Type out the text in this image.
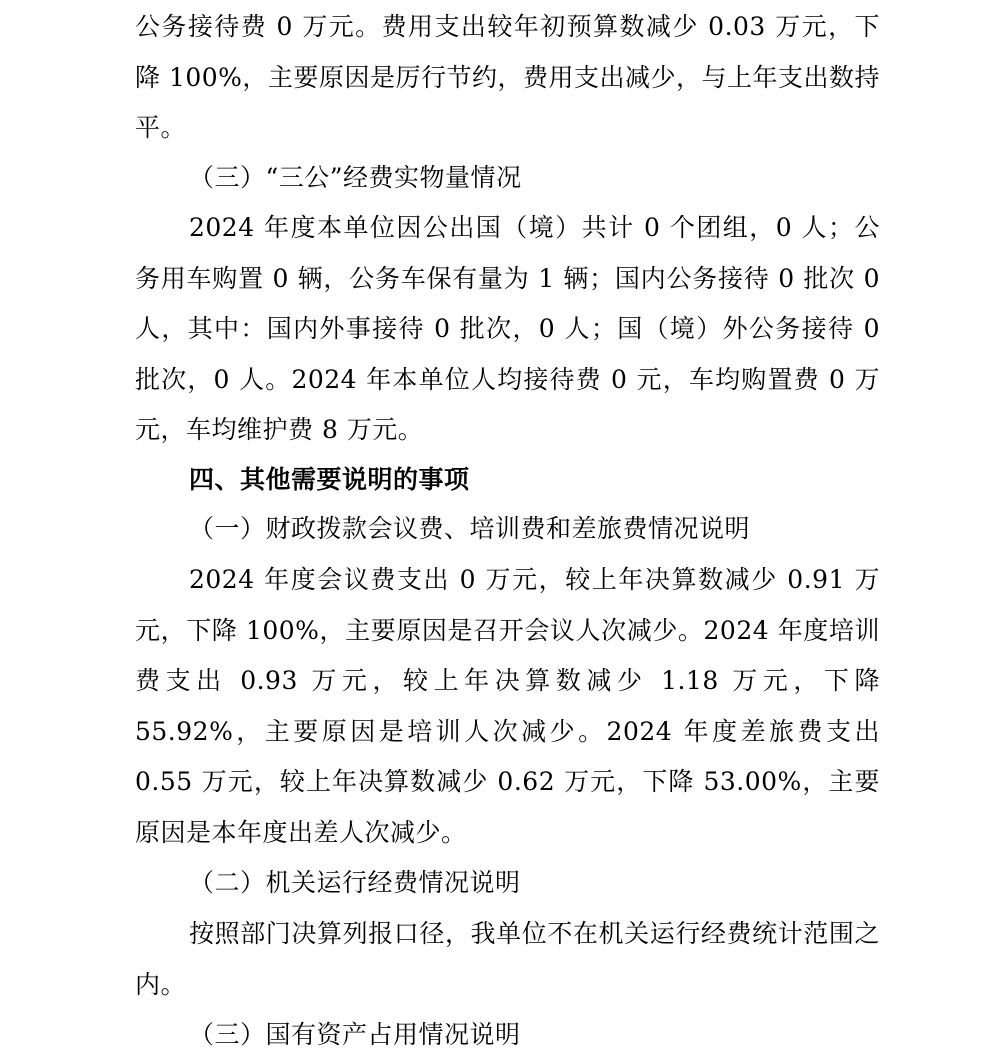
公务接待费 0 万元。费用支出较年初预算数减少 0.03 万元，下降 100%，主要原因是厉行节约，费用支出减少，与上年支出数持平。
（三）“三公”经费实物量情况
2024 年度本单位因公出国（境）共计 0 个团组，0 人；公务用车购置 0 辆，公务车保有量为 1 辆；国内公务接待 0 批次 0 人，其中：国内外事接待 0 批次，0 人；国（境）外公务接待 0 批次，0 人。2024 年本单位人均接待费 0 元，车均购置费 0 万元，车均维护费 8 万元。
四、其他需要说明的事项
（一）财政拨款会议费、培训费和差旅费情况说明
2024 年度会议费支出 0 万元，较上年决算数减少 0.91 万元，下降 100%，主要原因是召开会议人次减少。2024 年度培训费支出 0.93 万元，较上年决算数减少 1.18 万元，下降 55.92%，主要原因是培训人次减少。2024 年度差旅费支出 0.55 万元，较上年决算数减少 0.62 万元，下降 53.00%，主要原因是本年度出差人次减少。
（二）机关运行经费情况说明
按照部门决算列报口径，我单位不在机关运行经费统计范围之内。
（三）国有资产占用情况说明
